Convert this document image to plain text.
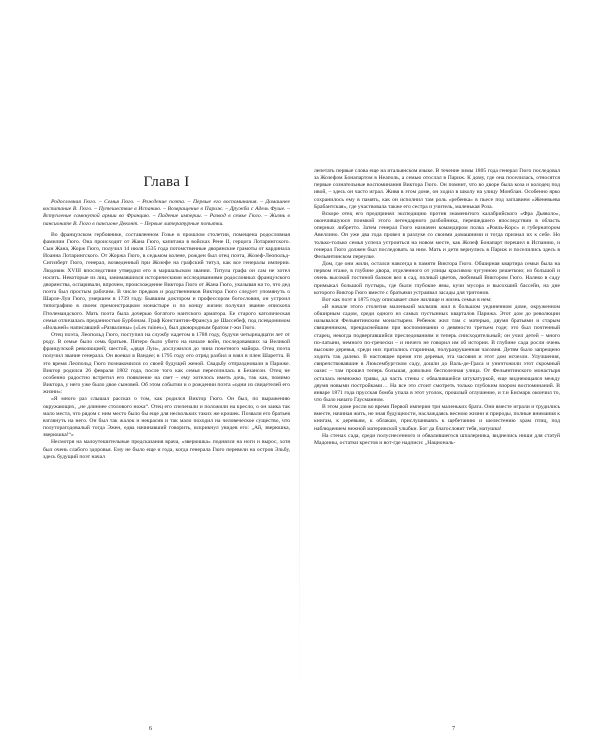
Глава I

Родословная Гюго. – Семья Гюго. – Рождение поэта. – Первые его воспоминания. – Домашнее воспитание В. Гюго. – Путешествие в Испанию. – Возвращение в Париж. – Дружба с Адель Фуше. – Вступление сомкнутой армии во Францию. – Падение империи. – Развод в семье Гюго. – Жизнь в пансионате В. Гюго в пансионе Деконт. – Первые литературные попытки.

Во французском гербовнике, составленном Гозье в прошлом столетии, помещена родословная фамилии Гюго. Она происходит от Жана Гюго, капитана в войсках Рене II, герцога Лотарингского. Сын Жана, Жорж Гюго, получил 14 июля 1535 года потомственные дворянские грамоты от кардинала Иоанна Лотарингского. От Жоржа Гюго, в седьмом колене, рожден был отец поэта, Жозеф-Леопольд-Сигизберт Гюго, генерал, возведенный при Жозефе на графский титул, как все генералы империи. Людовик XVIII впоследствии утвердил его в маршальском звании. Титула графа он сам не хотел носить. Некоторые из лиц, занимавшихся историческими исследованиями родословных французского дворянства, оспаривали, впрочем, происхождение Виктора Гюго от Жана Гюго, указывая на то, что дед поэта был простым рабочим. В числе предков и родственников Виктора Гюго следует упомянуть о Шарле-Луи Гюго, умершем в 1739 году. Бывшим доктором и профессором богословия, он устроил типографию в своем премонстрацком монастыре и по концу жизни получил звание епископа Птолемаидского. Мать поэта была дочерью богатого нантского арматора. Ее старого католическая семья отличалась преданностью Бурбонам. Граф Константин-Франсуа де Шассебеф, под псевдонимом «Вольней» написавший «Развалины» («Les ruines»), был двоюродным братом г-жи Гюго.

Отец поэта, Леопольд Гюго, поступил на службу кадетом в 1788 году, будучи четырнадцати лет от роду. В семье было семь братьев. Пятеро было убито на начале войн, последовавших за Великой французской революцией; шестой, «дядя Луи», дослужился до чина почетного майора. Отец поэта получил звание генерала. Он воевал в Вандее; в 1795 году его отряд разбил и взял в плен Шаретта. В это время Леопольд Гюго познакомился со своей будущей женой. Свадьбу отпраздновали в Париже. Виктор родился 26 февраля 1802 года, после того как семья переселилась в Безансон. Отец не особенно радостно встретил его появление на свет – ему хотелось иметь дочь, так как, помимо Виктора, у него уже было двое сыновей. Об этом событии и о рождении поэта «одни из свидетелей его жизни»:

«Я много раз слышал рассказ о том, как родился Виктор Гюго. Он был, по выражению окружающих, „не длиннее столового ножа“. Отец его спеленали и положили на кресло, о он заика так мало места, что рядом с ним место было бы еще для нескольких таких же крошек. Позвали его братьев взглянуть на него. Он был так жалок и некрасив и так мало походил на человеческое существо, что полуторагодовалый тогда Эжен, едва начинавший говорить, вскрикнул увидев его: „Ай, зверюшка, зверюшка!“»

Несмотря на малоутешительные предсказания врача, «зверюшка» поднялся на ноги и вырос, хотя был очень слабого здоровья. Ему не было еще и года, когда генерала Гюго перевели на остров Эльбу, здесь будущий поэт начал

6

лепетать первые слова еще на итальянском языке. В течение зимы 1805 года генерал Гюго последовал за Жозефом Бонапартом в Неаполь, а семью отослал в Париж. К дому, где она поселилась, относятся первые сознательные воспоминания Виктора Гюго. Он помнит, что во дворе была коза и колодец под ивой, – здесь он часто играл. Живя в этом доме, он ходил в школу на улицу Монблан. Особенно ярко сохранилось ему в память, как он исполнил там роль «ребенка» в пьесе под заглавием «Женевьева Брабантская», где участвовала также его сестра и учитель, маленькая Роза.

Вскоре отец его предпринял экспедицию против знаменитого калабрийского «Фра Дьяволо», окончившуюся поимкой этого легендарного разбойника, перешедшего впоследствии в область оперных либретто. Затем генерал Гюго назначен командиром полка «Рояль-Корс» и губернатором Авеллино. Он уже два года провел в разлуке со своими домашними и тогда признал их к себе. Но только-только семья успела устроиться на новом месте, как Жозеф Бонапарт перешел в Испанию, и генерал Гюго должен был последовать за ним. Мать и дети вернулись в Париж и поселились здесь в Фельянтинском переулке.

Дом, где они жили, остался навсегда в памяти Виктора Гюго. Обширная квартира семьи была на первом этаже, в глубине двора, отделенного от улицы красивою чугунною решеткою; из большой и очень высокой гостиной балкон вел в сад, полный цветов, любимый Виктором Гюго. Налево в саду примыкал большой пустырь, где были глубокие ямы, кучи мусора и высохший бассейн, на дне которого Виктор Гюго вместе с братьями устраивал засады для тритонов.

Вот как поэт в 1875 году описывает свое жилище и жизнь семьи в нем:

«В начале этого столетия маленький мальчик жил в большом уединенном доме, окруженном обширным садом, среди одного из самых пустынных кварталов Парижа. Этот дом до революции назывался Фельянтинским монастырем. Ребенок жил там с матерью, двумя братьями и старым священником, прекраснейшим при воспоминании о девяносто третьем годе; это был почтенный старец, некогда подвергавшийся преследованиям и теперь снисходительный; он учил детей – много по-латыни, немного по-гречески – и ничего не говорил им об истории. В глубине сада росли очень высокие деревья, среди них прятались старинная, полуразрушенная часовня. Детям было запрещено ходить так далеко. В настоящее время эти деревья, эта часовня и этот дом исчезли. Улучшения, свирепствовавшие в Люксембургском саду, дошли до Валь-де-Граса и уничтожили этот скромный оазис – там прошел теперь большая, довольно бесполезная улица. От Фельянтинского монастыря осталась немножко травы, да часть стены с обвалившейся штукатуркой, еще виднеющаяся между двумя новыми постройками… На все это стоит смотреть только глубоким взором воспоминаний. В январе 1871 года прусская бомба упала в этот уголок, прошлый оглушение, и т.н Бисмарк окончил то, что было начато Гаусманном.

В этом доме росли во время Первой империи три маленьких брата. Они вместе играли и трудились вместе, начиная жить, не зная будущности, наслаждаясь весною жизни и природы, полные внимания к книгам, к деревьям, к облакам, прислушиваясь к щебетанию и шелестению храм птиц, под наблюдением нежной материнской улыбки. Бог да благословит тебя, матушка!

На стенах сада, среди полуснесенного и обвалившегося шпалерника, виднелись ниши для статуй Мадонны, остатки крестов и вот-где надписи: „Националь-

7
